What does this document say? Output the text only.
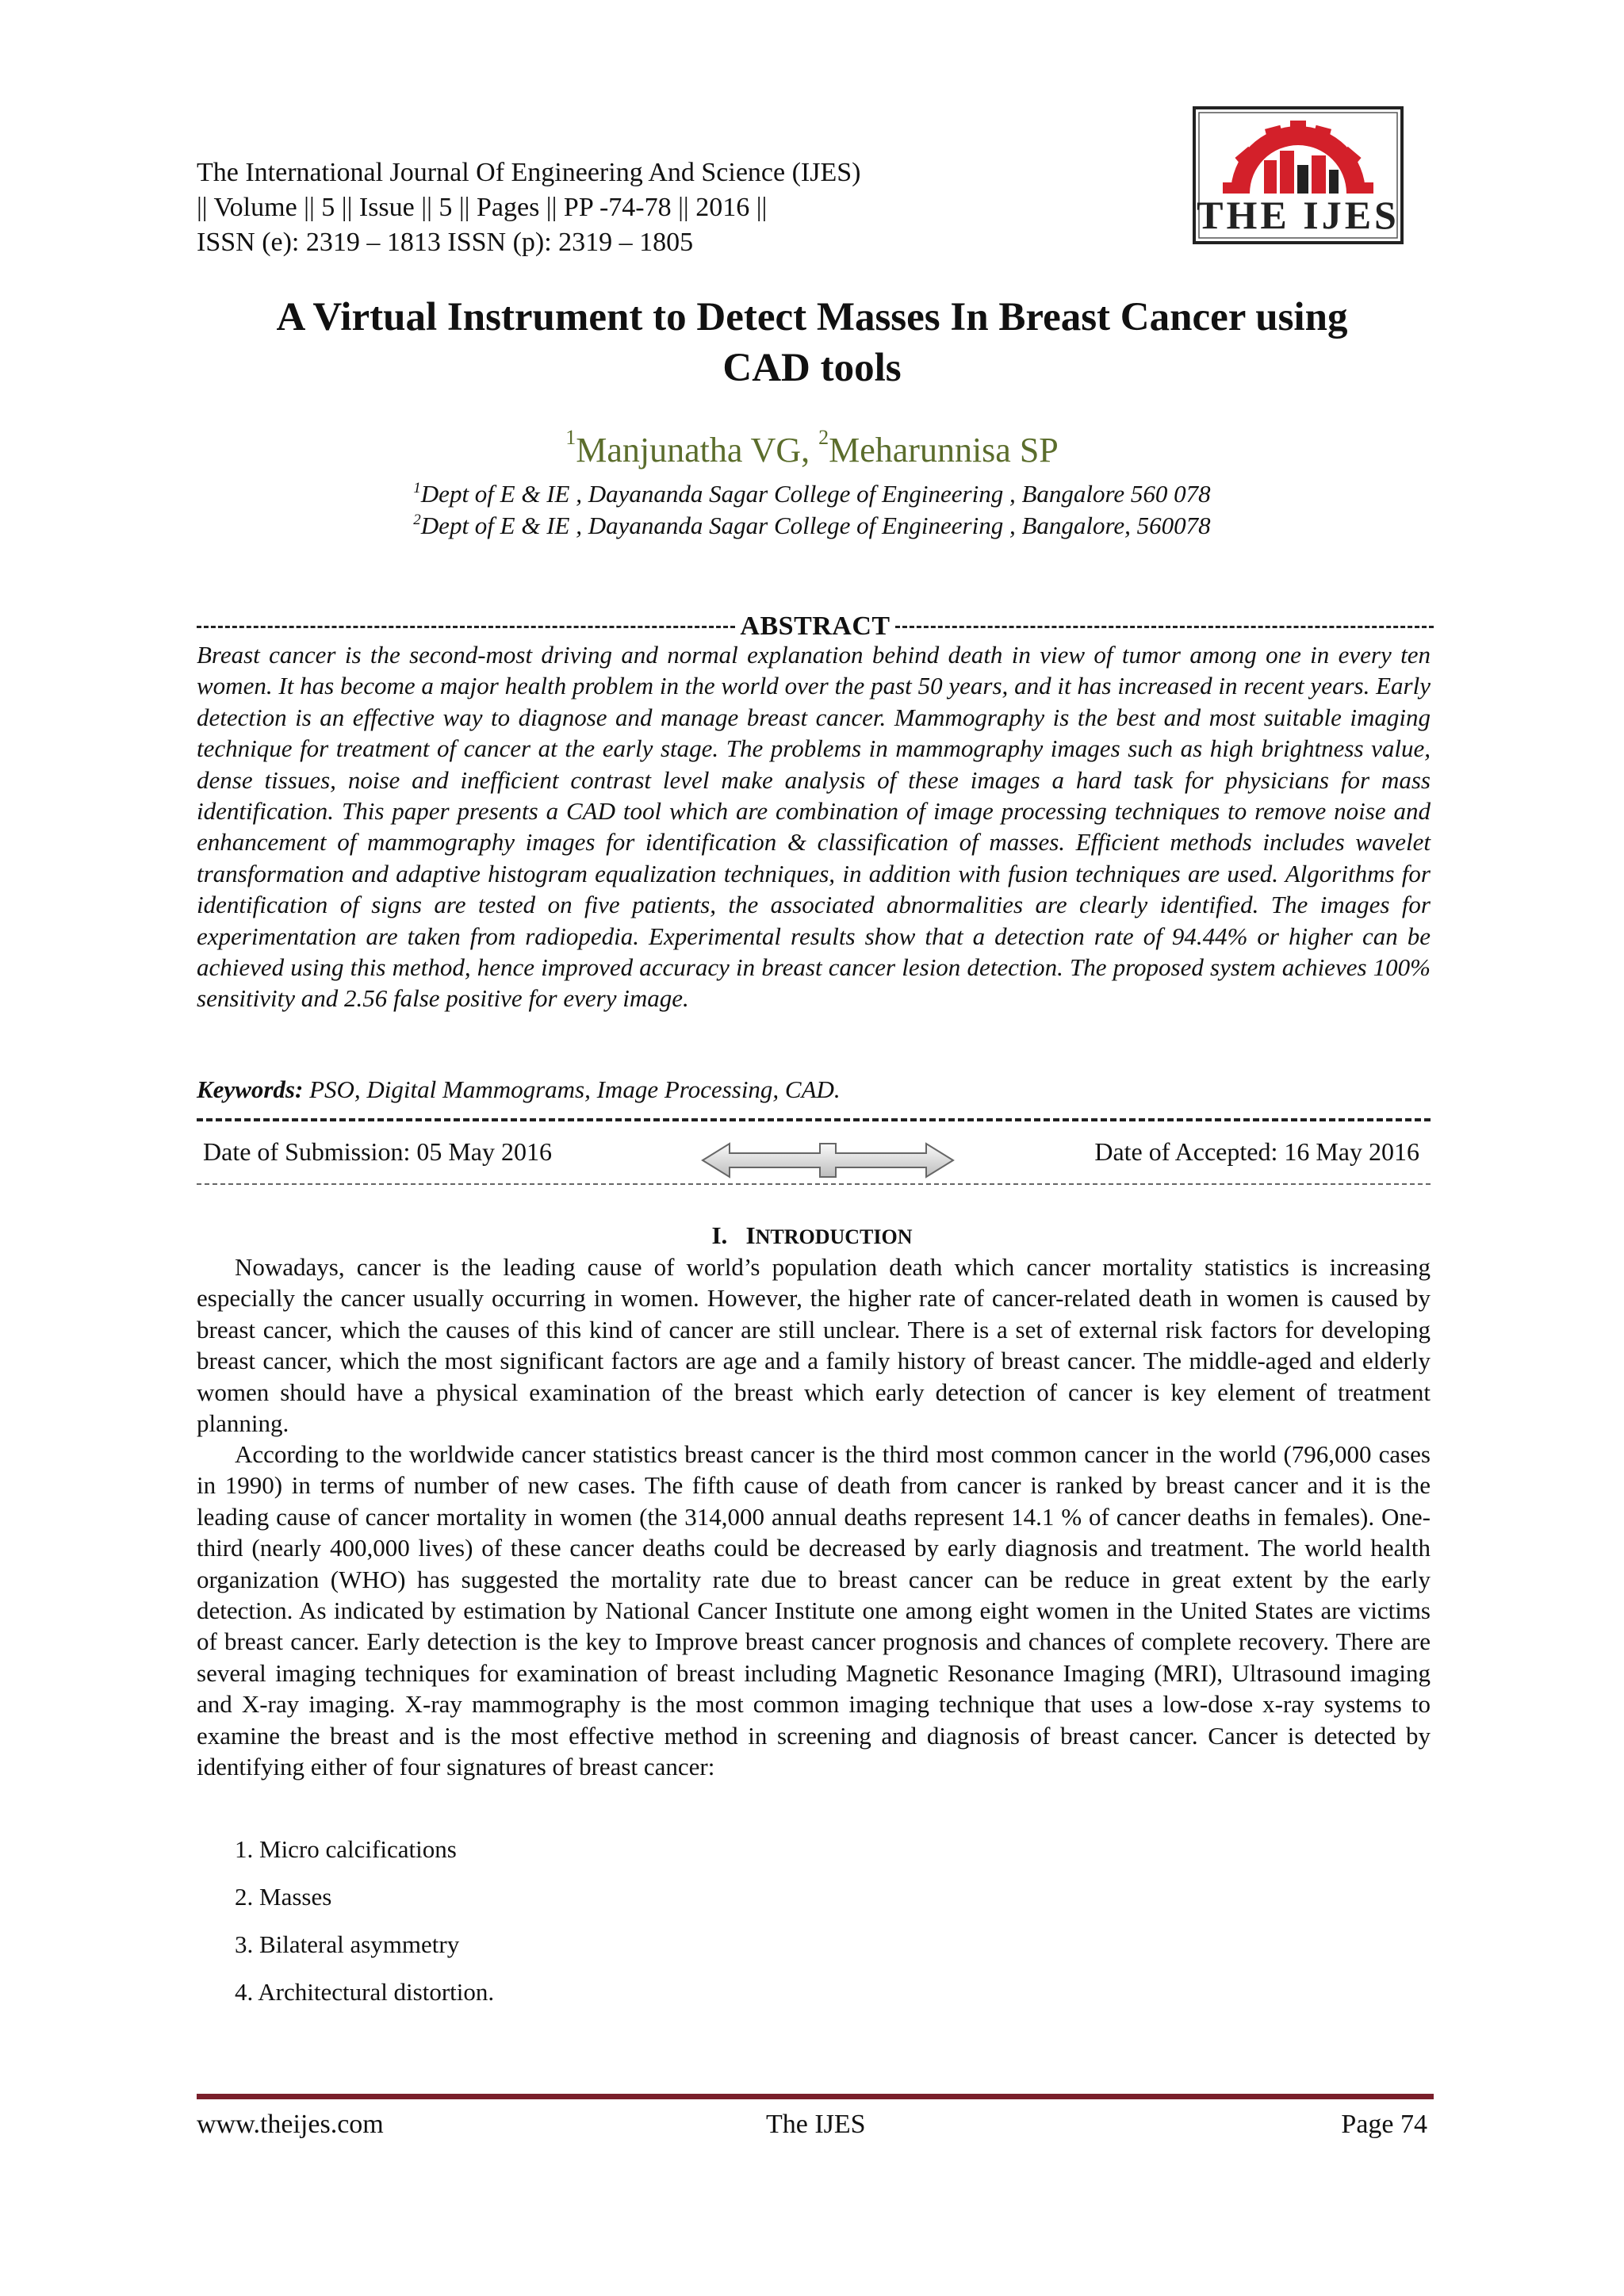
The International Journal Of Engineering And Science (IJES)
|| Volume || 5 || Issue || 5 || Pages || PP -74-78 || 2016 ||
ISSN (e): 2319 – 1813 ISSN (p): 2319 – 1805
THE IJES
A Virtual Instrument to Detect Masses In Breast Cancer using
CAD tools
$^1$Manjunatha VG, $^2$Meharunnisa SP
$^1$Dept of E & IE , Dayananda Sagar College of Engineering , Bangalore 560 078
$^2$Dept of E & IE , Dayananda Sagar College of Engineering , Bangalore, 560078
ABSTRACT

Breast cancer is the second-most driving and normal explanation behind death in view of tumor among one in every ten women. It has become a major health problem in the world over the past 50 years, and it has increased in recent years. Early detection is an effective way to diagnose and manage breast cancer. Mammography is the best and most suitable imaging technique for treatment of cancer at the early stage. The problems in mammography images such as high brightness value, dense tissues, noise and inefficient contrast level make analysis of these images a hard task for physicians for mass identification. This paper presents a CAD tool which are combination of image processing techniques to remove noise and enhancement of mammography images for identification & classification of masses. Efficient methods includes wavelet transformation and adaptive histogram equalization techniques, in addition with fusion techniques are used. Algorithms for identification of signs are tested on five patients, the associated abnormalities are clearly identified. The images for experimentation are taken from radiopedia. Experimental results show that a detection rate of 94.44% or higher can be achieved using this method, hence improved accuracy in breast cancer lesion detection. The proposed system achieves 100% sensitivity and 2.56 false positive for every image.

Keywords: PSO, Digital Mammograms, Image Processing, CAD.
Date of Submission: 05 May 2016	Date of Accepted: 16 May 2016
I. INTRODUCTION

Nowadays, cancer is the leading cause of world’s population death which cancer mortality statistics is increasing especially the cancer usually occurring in women. However, the higher rate of cancer-related death in women is caused by breast cancer, which the causes of this kind of cancer are still unclear. There is a set of external risk factors for developing breast cancer, which the most significant factors are age and a family history of breast cancer. The middle-aged and elderly women should have a physical examination of the breast which early detection of cancer is key element of treatment planning.

According to the worldwide cancer statistics breast cancer is the third most common cancer in the world (796,000 cases in 1990) in terms of number of new cases. The fifth cause of death from cancer is ranked by breast cancer and it is the leading cause of cancer mortality in women (the 314,000 annual deaths represent 14.1 % of cancer deaths in females). One-third (nearly 400,000 lives) of these cancer deaths could be decreased by early diagnosis and treatment. The world health organization (WHO) has suggested the mortality rate due to breast cancer can be reduce in great extent by the early detection. As indicated by estimation by National Cancer Institute one among eight women in the United States are victims of breast cancer. Early detection is the key to Improve breast cancer prognosis and chances of complete recovery. There are several imaging techniques for examination of breast including Magnetic Resonance Imaging (MRI), Ultrasound imaging and X-ray imaging. X-ray mammography is the most common imaging technique that uses a low-dose x-ray systems to examine the breast and is the most effective method in screening and diagnosis of breast cancer. Cancer is detected by identifying either of four signatures of breast cancer:

1. Micro calcifications
2. Masses
3. Bilateral asymmetry
4. Architectural distortion.
www.theijes.com	The IJES	Page 74
